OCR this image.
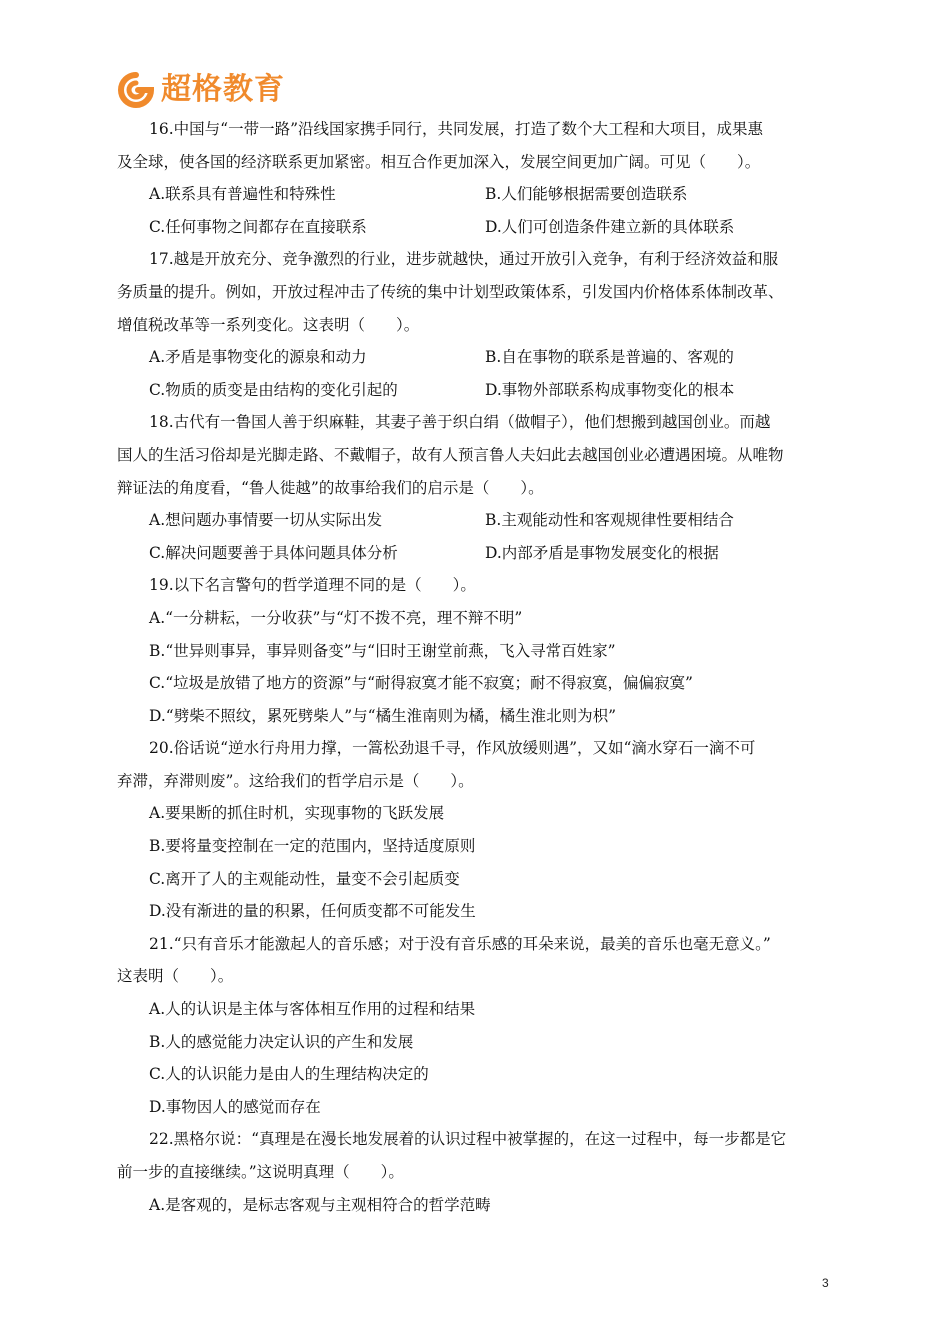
超格教育
16.中国与“一带一路”沿线国家携手同行，共同发展，打造了数个大工程和大项目，成果惠
及全球，使各国的经济联系更加紧密。相互合作更加深入，发展空间更加广阔。可见（　　）。
A.联系具有普遍性和特殊性	B.人们能够根据需要创造联系
C.任何事物之间都存在直接联系	D.人们可创造条件建立新的具体联系
17.越是开放充分、竞争激烈的行业，进步就越快，通过开放引入竞争，有利于经济效益和服
务质量的提升。例如，开放过程冲击了传统的集中计划型政策体系，引发国内价格体系体制改革、
增值税改革等一系列变化。这表明（　　）。
A.矛盾是事物变化的源泉和动力	B.自在事物的联系是普遍的、客观的
C.物质的质变是由结构的变化引起的	D.事物外部联系构成事物变化的根本
18.古代有一鲁国人善于织麻鞋，其妻子善于织白绢（做帽子），他们想搬到越国创业。而越
国人的生活习俗却是光脚走路、不戴帽子，故有人预言鲁人夫妇此去越国创业必遭遇困境。从唯物
辩证法的角度看，“鲁人徙越”的故事给我们的启示是（　　）。
A.想问题办事情要一切从实际出发	B.主观能动性和客观规律性要相结合
C.解决问题要善于具体问题具体分析	D.内部矛盾是事物发展变化的根据
19.以下名言警句的哲学道理不同的是（　　）。
A.“一分耕耘，一分收获”与“灯不拨不亮，理不辩不明”
B.“世异则事异，事异则备变”与“旧时王谢堂前燕，飞入寻常百姓家”
C.“垃圾是放错了地方的资源”与“耐得寂寞才能不寂寞；耐不得寂寞，偏偏寂寞”
D.“劈柴不照纹，累死劈柴人”与“橘生淮南则为橘，橘生淮北则为枳”
20.俗话说“逆水行舟用力撑，一篙松劲退千寻，作风放缓则遇”，又如“滴水穿石一滴不可
弃滞，弃滞则废”。这给我们的哲学启示是（　　）。
A.要果断的抓住时机，实现事物的飞跃发展
B.要将量变控制在一定的范围内，坚持适度原则
C.离开了人的主观能动性，量变不会引起质变
D.没有渐进的量的积累，任何质变都不可能发生
21.“只有音乐才能激起人的音乐感；对于没有音乐感的耳朵来说，最美的音乐也毫无意义。”
这表明（　　）。
A.人的认识是主体与客体相互作用的过程和结果
B.人的感觉能力决定认识的产生和发展
C.人的认识能力是由人的生理结构决定的
D.事物因人的感觉而存在
22.黑格尔说：“真理是在漫长地发展着的认识过程中被掌握的，在这一过程中，每一步都是它
前一步的直接继续。”这说明真理（　　）。
A.是客观的，是标志客观与主观相符合的哲学范畴
3
